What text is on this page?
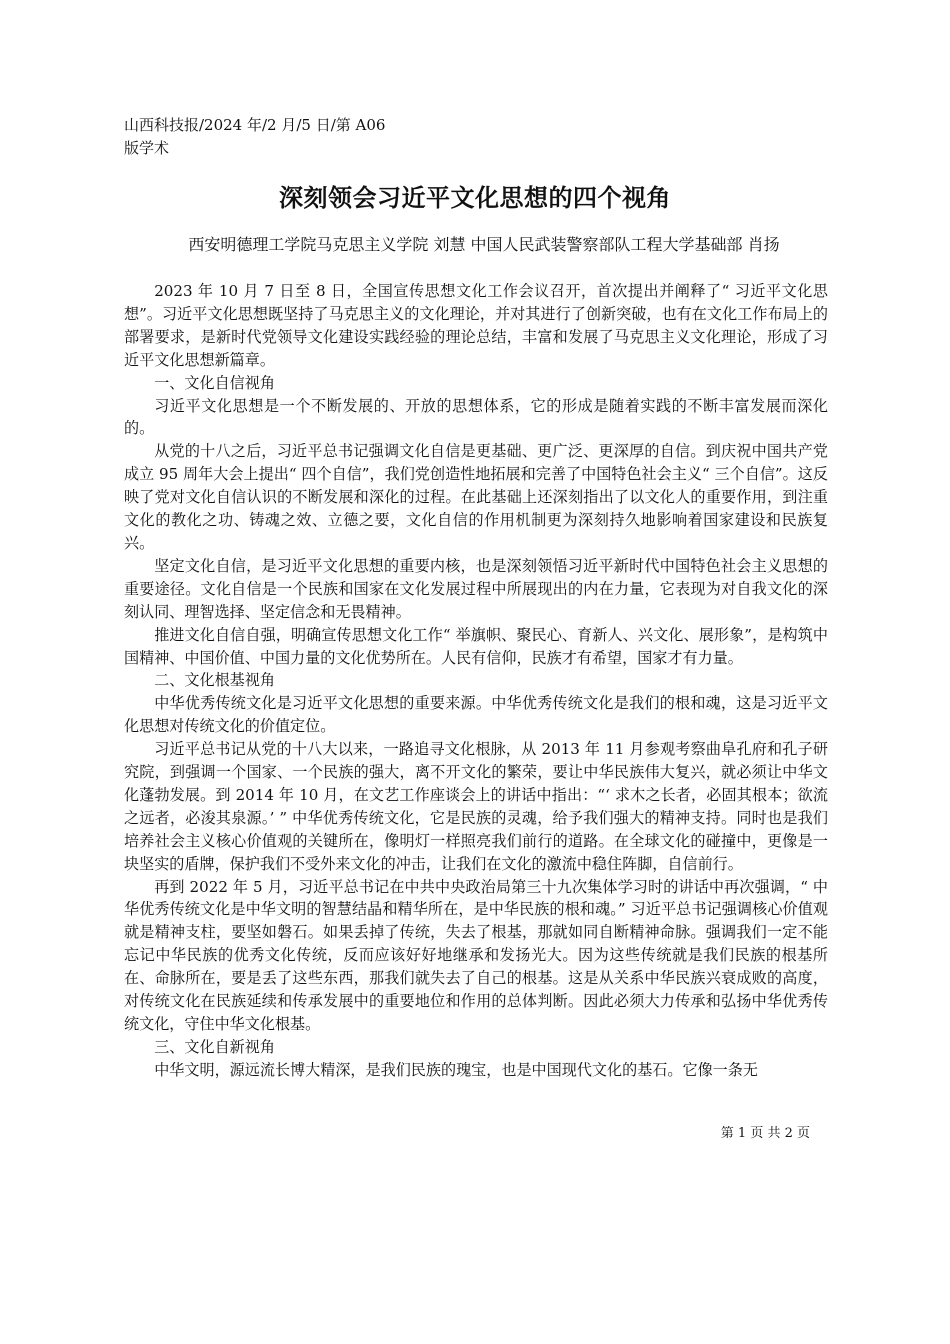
山西科技报/2024 年/2 月/5 日/第 A06
版学术
深刻领会习近平文化思想的四个视角
西安明德理工学院马克思主义学院 刘慧 中国人民武装警察部队工程大学基础部 肖扬

2023 年 10 月 7 日至 8 日，全国宣传思想文化工作会议召开，首次提出并阐释了“ 习近平文化思想”。习近平文化思想既坚持了马克思主义的文化理论，并对其进行了创新突破，也有在文化工作布局上的部署要求，是新时代党领导文化建设实践经验的理论总结，丰富和发展了马克思主义文化理论，形成了习近平文化思想新篇章。

一、文化自信视角

习近平文化思想是一个不断发展的、开放的思想体系，它的形成是随着实践的不断丰富发展而深化的。

从党的十八之后，习近平总书记强调文化自信是更基础、更广泛、更深厚的自信。到庆祝中国共产党成立 95 周年大会上提出“ 四个自信”，我们党创造性地拓展和完善了中国特色社会主义“ 三个自信”。这反映了党对文化自信认识的不断发展和深化的过程。在此基础上还深刻指出了以文化人的重要作用，到注重文化的教化之功、铸魂之效、立德之要，文化自信的作用机制更为深刻持久地影响着国家建设和民族复兴。

坚定文化自信，是习近平文化思想的重要内核，也是深刻领悟习近平新时代中国特色社会主义思想的重要途径。文化自信是一个民族和国家在文化发展过程中所展现出的内在力量，它表现为对自我文化的深刻认同、理智选择、坚定信念和无畏精神。

推进文化自信自强，明确宣传思想文化工作“ 举旗帜、聚民心、育新人、兴文化、展形象”，是构筑中国精神、中国价值、中国力量的文化优势所在。人民有信仰，民族才有希望，国家才有力量。

二、文化根基视角

中华优秀传统文化是习近平文化思想的重要来源。中华优秀传统文化是我们的根和魂，这是习近平文化思想对传统文化的价值定位。

习近平总书记从党的十八大以来，一路追寻文化根脉，从 2013 年 11 月参观考察曲阜孔府和孔子研究院，到强调一个国家、一个民族的强大，离不开文化的繁荣，要让中华民族伟大复兴，就必须让中华文化蓬勃发展。到 2014 年 10 月，在文艺工作座谈会上的讲话中指出：“‘ 求木之长者，必固其根本；欲流之远者，必浚其泉源。’ ” 中华优秀传统文化，它是民族的灵魂，给予我们强大的精神支持。同时也是我们培养社会主义核心价值观的关键所在，像明灯一样照亮我们前行的道路。在全球文化的碰撞中，更像是一块坚实的盾牌，保护我们不受外来文化的冲击，让我们在文化的激流中稳住阵脚，自信前行。

再到 2022 年 5 月，习近平总书记在中共中央政治局第三十九次集体学习时的讲话中再次强调，“ 中华优秀传统文化是中华文明的智慧结晶和精华所在，是中华民族的根和魂。” 习近平总书记强调核心价值观就是精神支柱，要坚如磐石。如果丢掉了传统，失去了根基，那就如同自断精神命脉。强调我们一定不能忘记中华民族的优秀文化传统，反而应该好好地继承和发扬光大。因为这些传统就是我们民族的根基所在、命脉所在，要是丢了这些东西，那我们就失去了自己的根基。这是从关系中华民族兴衰成败的高度，对传统文化在民族延续和传承发展中的重要地位和作用的总体判断。因此必须大力传承和弘扬中华优秀传统文化，守住中华文化根基。

三、文化自新视角

中华文明，源远流长博大精深，是我们民族的瑰宝，也是中国现代文化的基石。它像一条无

第 1 页 共 2 页
